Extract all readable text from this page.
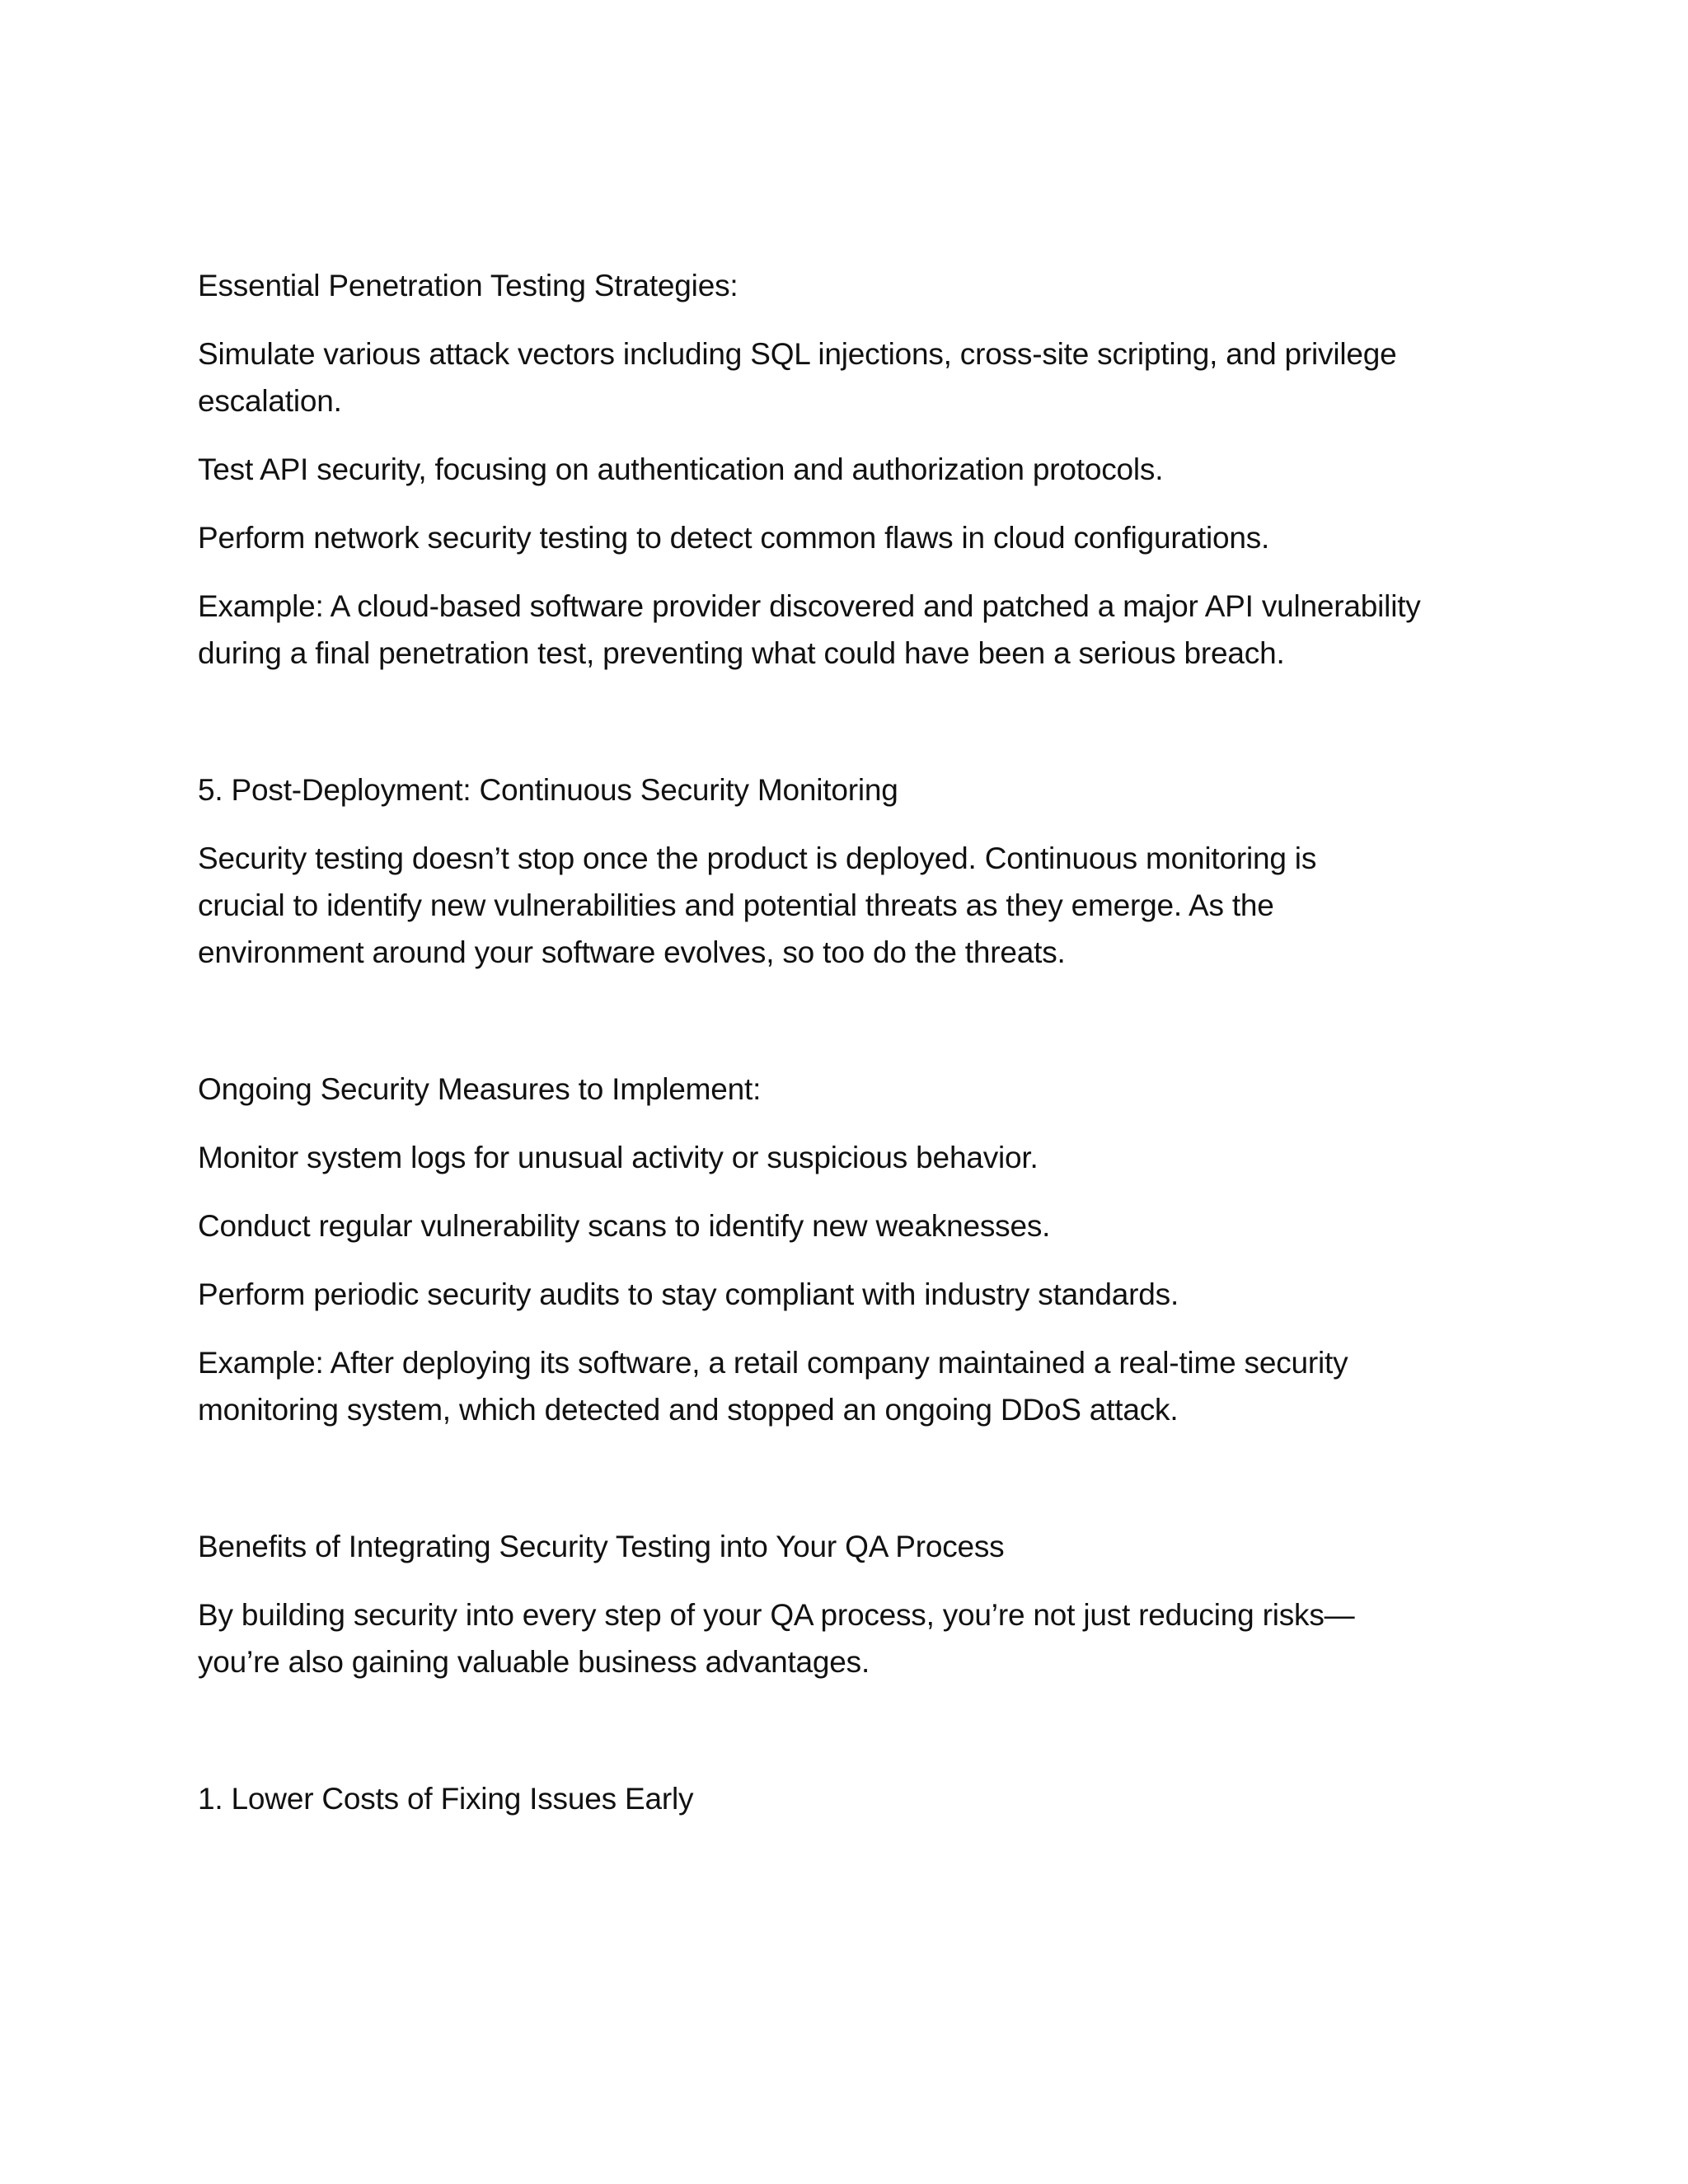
Essential Penetration Testing Strategies:

Simulate various attack vectors including SQL injections, cross-site scripting, and privilege escalation.

Test API security, focusing on authentication and authorization protocols.

Perform network security testing to detect common flaws in cloud configurations.

Example: A cloud-based software provider discovered and patched a major API vulnerability during a final penetration test, preventing what could have been a serious breach.

5. Post-Deployment: Continuous Security Monitoring

Security testing doesn’t stop once the product is deployed. Continuous monitoring is crucial to identify new vulnerabilities and potential threats as they emerge. As the environment around your software evolves, so too do the threats.

Ongoing Security Measures to Implement:

Monitor system logs for unusual activity or suspicious behavior.

Conduct regular vulnerability scans to identify new weaknesses.

Perform periodic security audits to stay compliant with industry standards.

Example: After deploying its software, a retail company maintained a real-time security monitoring system, which detected and stopped an ongoing DDoS attack.

Benefits of Integrating Security Testing into Your QA Process

By building security into every step of your QA process, you’re not just reducing risks—you’re also gaining valuable business advantages.

1. Lower Costs of Fixing Issues Early
